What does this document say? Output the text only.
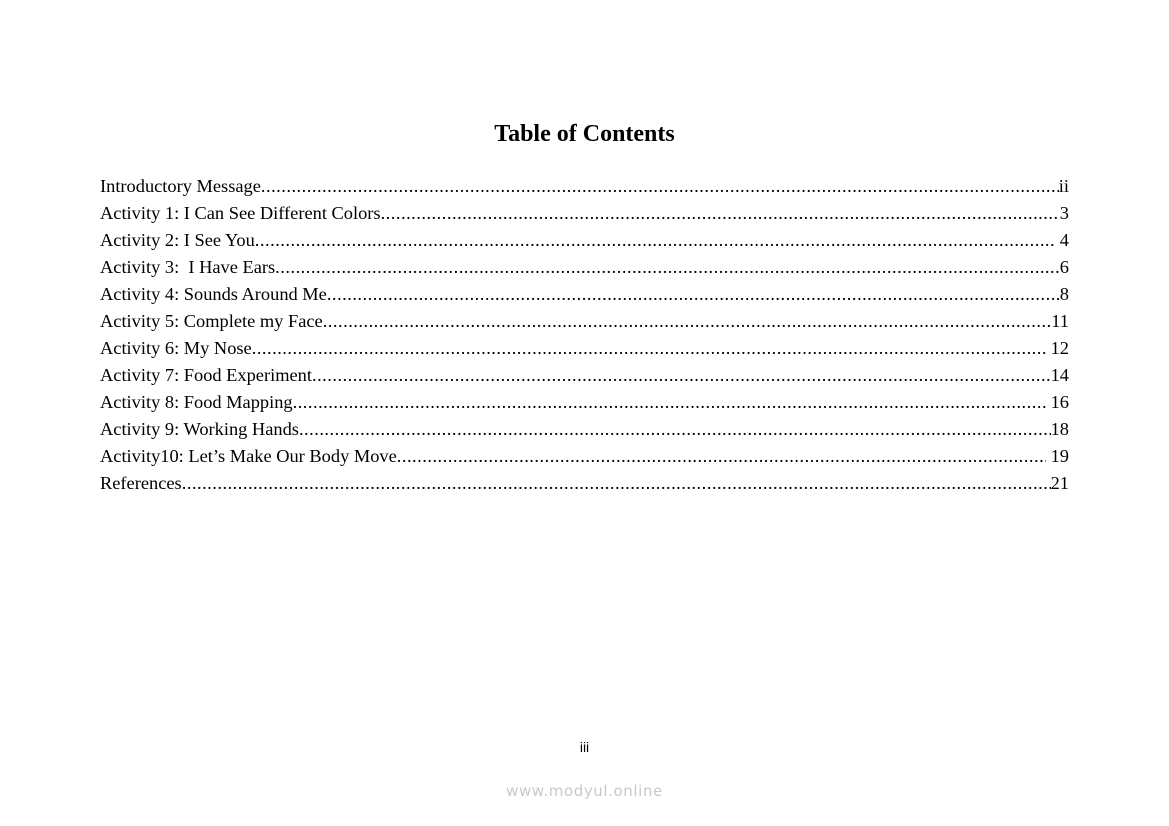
Table of Contents
Introductory Message .....	ii
Activity 1: I Can See Different Colors .....	3
Activity 2: I See You .....	4
Activity 3:  I Have Ears .....	6
Activity 4: Sounds Around Me .....	8
Activity 5: Complete my Face .....	11
Activity 6: My Nose .....	12
Activity 7: Food Experiment .....	14
Activity 8: Food Mapping .....	16
Activity 9: Working Hands .....	18
Activity10: Let’s Make Our Body Move .....	19
References .....	21
iii
www.modyul.online
